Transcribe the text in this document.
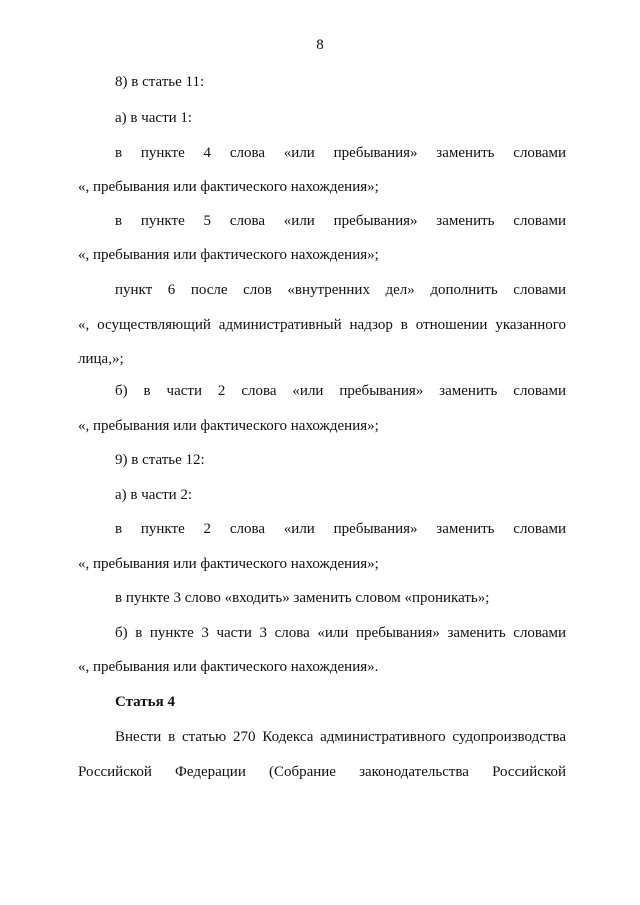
8
8) в статье 11:
а) в части 1:
в пункте 4 слова «или пребывания» заменить словами
«, пребывания или фактического нахождения»;
в пункте 5 слова «или пребывания» заменить словами
«, пребывания или фактического нахождения»;
пункт 6 после слов «внутренних дел» дополнить словами
«, осуществляющий административный надзор в отношении указанного
лица,»;
б) в части 2 слова «или пребывания» заменить словами
«, пребывания или фактического нахождения»;
9) в статье 12:
а) в части 2:
в пункте 2 слова «или пребывания» заменить словами
«, пребывания или фактического нахождения»;
в пункте 3 слово «входить» заменить словом «проникать»;
б) в пункте 3 части 3 слова «или пребывания» заменить словами
«, пребывания или фактического нахождения».
Статья 4
Внести в статью 270 Кодекса административного судопроизводства
Российской Федерации (Собрание законодательства Российской
